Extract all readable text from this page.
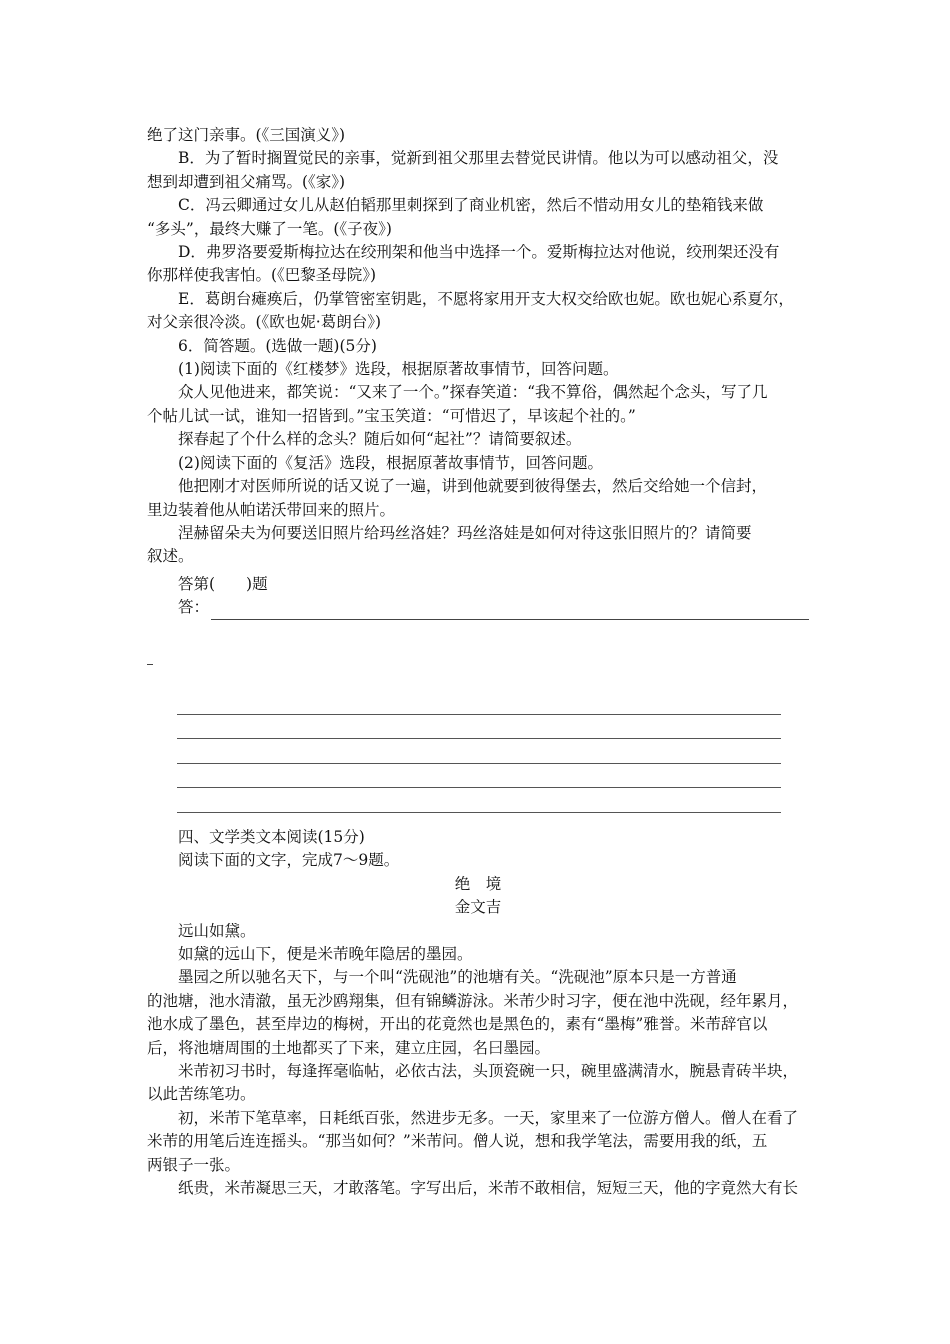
绝了这门亲事。(《三国演义》)
B．为了暂时搁置觉民的亲事，觉新到祖父那里去替觉民讲情。他以为可以感动祖父，没
想到却遭到祖父痛骂。(《家》)
C．冯云卿通过女儿从赵伯韬那里刺探到了商业机密，然后不惜动用女儿的垫箱钱来做
“多头”，最终大赚了一笔。(《子夜》)
D．弗罗洛要爱斯梅拉达在绞刑架和他当中选择一个。爱斯梅拉达对他说，绞刑架还没有
你那样使我害怕。(《巴黎圣母院》)
E．葛朗台瘫痪后，仍掌管密室钥匙，不愿将家用开支大权交给欧也妮。欧也妮心系夏尔，
对父亲很冷淡。(《欧也妮·葛朗台》)
6．简答题。(选做一题)(5分)
(1)阅读下面的《红楼梦》选段，根据原著故事情节，回答问题。
众人见他进来，都笑说：“又来了一个。”探春笑道：“我不算俗，偶然起个念头，写了几
个帖儿试一试，谁知一招皆到。”宝玉笑道：“可惜迟了，早该起个社的。”
探春起了个什么样的念头？随后如何“起社”？请简要叙述。
(2)阅读下面的《复活》选段，根据原著故事情节，回答问题。
他把刚才对医师所说的话又说了一遍，讲到他就要到彼得堡去，然后交给她一个信封，
里边装着他从帕诺沃带回来的照片。
涅赫留朵夫为何要送旧照片给玛丝洛娃？玛丝洛娃是如何对待这张旧照片的？请简要
叙述。
答第(　　)题
答：
四、文学类文本阅读(15分)
阅读下面的文字，完成7～9题。
绝　境
金文吉
远山如黛。
如黛的远山下，便是米芾晚年隐居的墨园。
墨园之所以驰名天下，与一个叫“洗砚池”的池塘有关。“洗砚池”原本只是一方普通
的池塘，池水清澈，虽无沙鸥翔集，但有锦鳞游泳。米芾少时习字，便在池中洗砚，经年累月，
池水成了墨色，甚至岸边的梅树，开出的花竟然也是黑色的，素有“墨梅”雅誉。米芾辞官以
后，将池塘周围的土地都买了下来，建立庄园，名曰墨园。
米芾初习书时，每逢挥毫临帖，必依古法，头顶瓷碗一只，碗里盛满清水，腕悬青砖半块，
以此苦练笔功。
初，米芾下笔草率，日耗纸百张，然进步无多。一天，家里来了一位游方僧人。僧人在看了
米芾的用笔后连连摇头。“那当如何？”米芾问。僧人说，想和我学笔法，需要用我的纸，五
两银子一张。
纸贵，米芾凝思三天，才敢落笔。字写出后，米芾不敢相信，短短三天，他的字竟然大有长
